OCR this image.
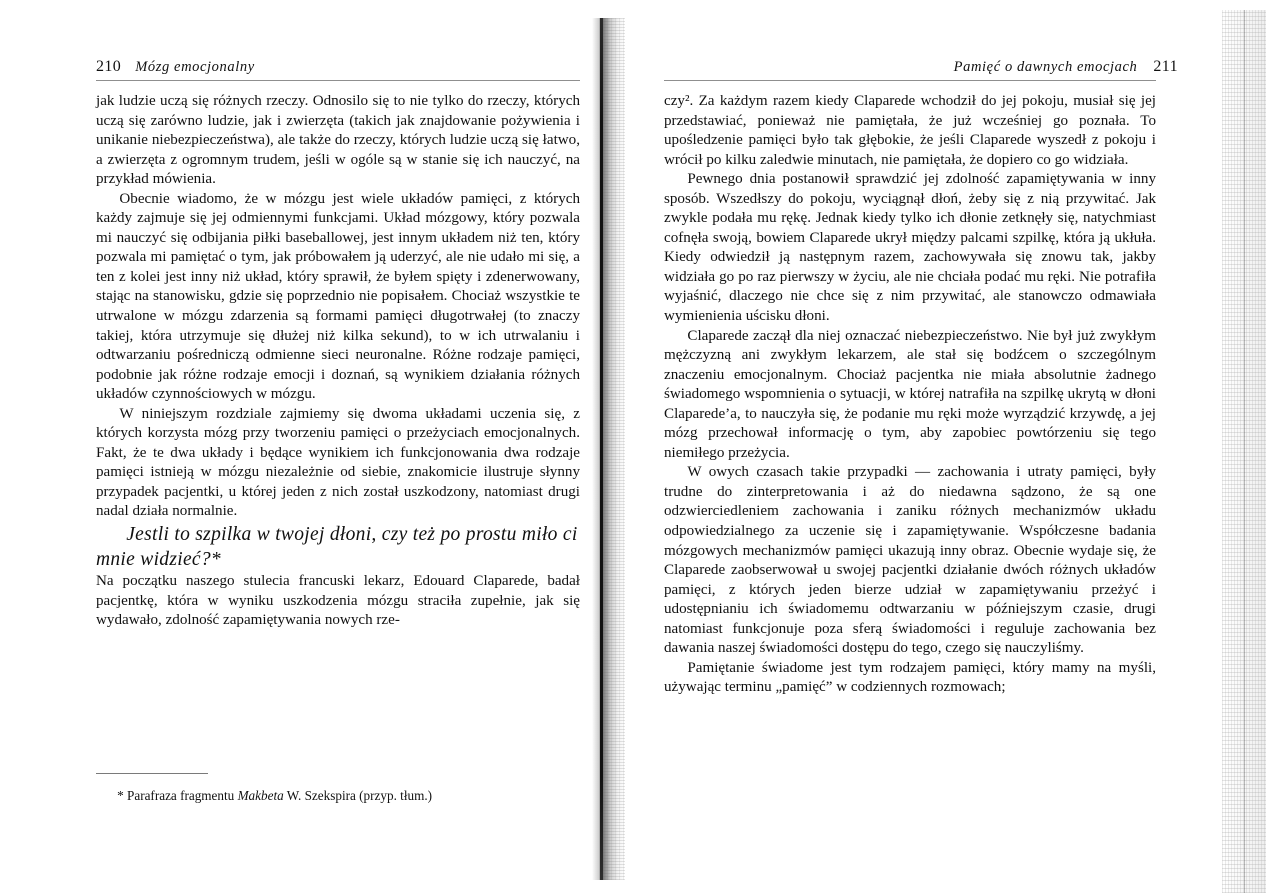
210 Mózg emocjonalny

jak ludzie uczą się różnych rzeczy. Odnosilo się to nie tylko do rzeczy, których uczą się zarówno ludzie, jak i zwierzęta (takich jak znajdowanie pożywienia i unikanie niebezpieczeństwa), ale także do rzeczy, których ludzie uczą się łatwo, a zwierzęta z ogromnym trudem, jeśli w ogóle są w stanie się ich nauczyć, na przykład mówienia.

Obecnie wiadomo, że w mózgu jest wiele układów pamięci, z których każdy zajmuje się jej odmiennymi funkcjami. Układ mózgowy, który pozwala mi nauczyć się odbijania piłki baseballowej, jest innym układem niż ten, który pozwala mi pamiętać o tym, jak próbowałem ją uderzyć, ale nie udało mi się, a ten z kolei jest inny niż układ, który sprawił, że byłem spięty i zdenerwowany, stając na stanowisku, gdzie się poprzednio nie popisałem. Chociaż wszystkie te utrwalone w mózgu zdarzenia są formami pamięci długotrwałej (to znaczy takiej, która utrzymuje się dłużej niż kilka sekund), to w ich utrwalaniu i odtwarzaniu pośredniczą odmienne sieci neuronalne. Różne rodzaje pamięci, podobnie jak różne rodzaje emocji i doznań, są wynikiem działania różnych układów czynnościowych w mózgu.

W niniejszym rozdziale zajmiemy się dwoma układami uczenia się, z których korzysta mózg przy tworzeniu pamięci o przeżyciach emocjonalnych. Fakt, że te dwa układy i będące wynikiem ich funkcjonowania dwa rodzaje pamięci istnieją w mózgu niezależnie od siebie, znakomicie ilustruje słynny przypadek pacjentki, u której jeden z nich został uszkodzony, natomiast drugi nadal działa normalnie.

Jestli to szpilka w twojej dłoni, czy też po prostu miło ci mnie widzieć?*

Na początku naszego stulecia francuski lekarz, Edouard Claparede, badał pacjentkę, która w wyniku uszkodzenia mózgu straciła zupełnie, jak się wydawało, zdolność zapamiętywania nowych rze-

* Parafraza fragmentu Makbeta W. Szekspira (przyp. tłum.)
Pamięć o dawnych emocjach 211

czy². Za każdym razem kiedy Claparede wchodził do jej pokoju, musiał się jej przedstawiać, ponieważ nie pamiętała, że już wcześniej go poznała. To upośledzenie pamięci było tak głębokie, że jeśli Claparede wyszedł z pokoju i wrócił po kilku zaledwie minutach, nie pamiętała, że dopiero co go widziała.

Pewnego dnia postanowił sprawdzić jej zdolność zapamiętywania w inny sposób. Wszedłszy do pokoju, wyciągnął dłoń, żeby się z nią przywitać. Jak zwykle podała mu rękę. Jednak kiedy tylko ich dłonie zetknęły się, natychmiast cofnęła swoją, bowiem Claparede ukrył między palcami szpilkę, która ją ukłuła. Kiedy odwiedził ją następnym razem, zachowywała się znowu tak, jakby widziała go po raz pierwszy w życiu, ale nie chciała podać mu ręki. Nie potrafiła wyjaśnić, dlaczego nie chce się z nim przywitać, ale stanowczo odmawiała wymienienia uścisku dłoni.

Claparede zaczął dla niej oznaczać niebezpieczeństwo. Nie był już zwykłym mężczyzną ani zwykłym lekarzem, ale stał się bodźcem o szczególnym znaczeniu emocjonalnym. Chociaż pacjentka nie miała absolutnie żadnego świadomego wspomnienia o sytuacji, w której natrafiła na szpilkę ukrytą w dłoni Claparede’a, to nauczyła się, że podanie mu ręki może wyrządzić krzywdę, a jej mózg przechował informację o tym, aby zapobiec powtórzeniu się tego niemiłego przeżycia.

W owych czasach takie przypadki — zachowania i utraty pamięci, były trudne do zinterpretowania i aż do niedawna sądzono, że są one odzwierciedleniem zachowania i zaniku różnych mechanizmów układu odpowiedzialnego za uczenie się i zapamiętywanie. Współczesne badania mózgowych mechanizmów pamięci ukazują inny obraz. Obecnie wydaje się, że Claparede zaobserwował u swojej pacjentki działanie dwóch różnych układów pamięci, z których jeden bierze udział w zapamiętywaniu przeżyć i udostępnianiu ich świadomemu odtwarzaniu w późniejszym czasie, drugi natomiast funkcjonuje poza sferą świadomości i reguluje zachowania bez dawania naszej świadomości dostępu do tego, czego się nauczyliśmy.

Pamiętanie świadome jest tym rodzajem pamięci, który mamy na myśli, używając terminu „pamięć” w codziennych rozmowach;
